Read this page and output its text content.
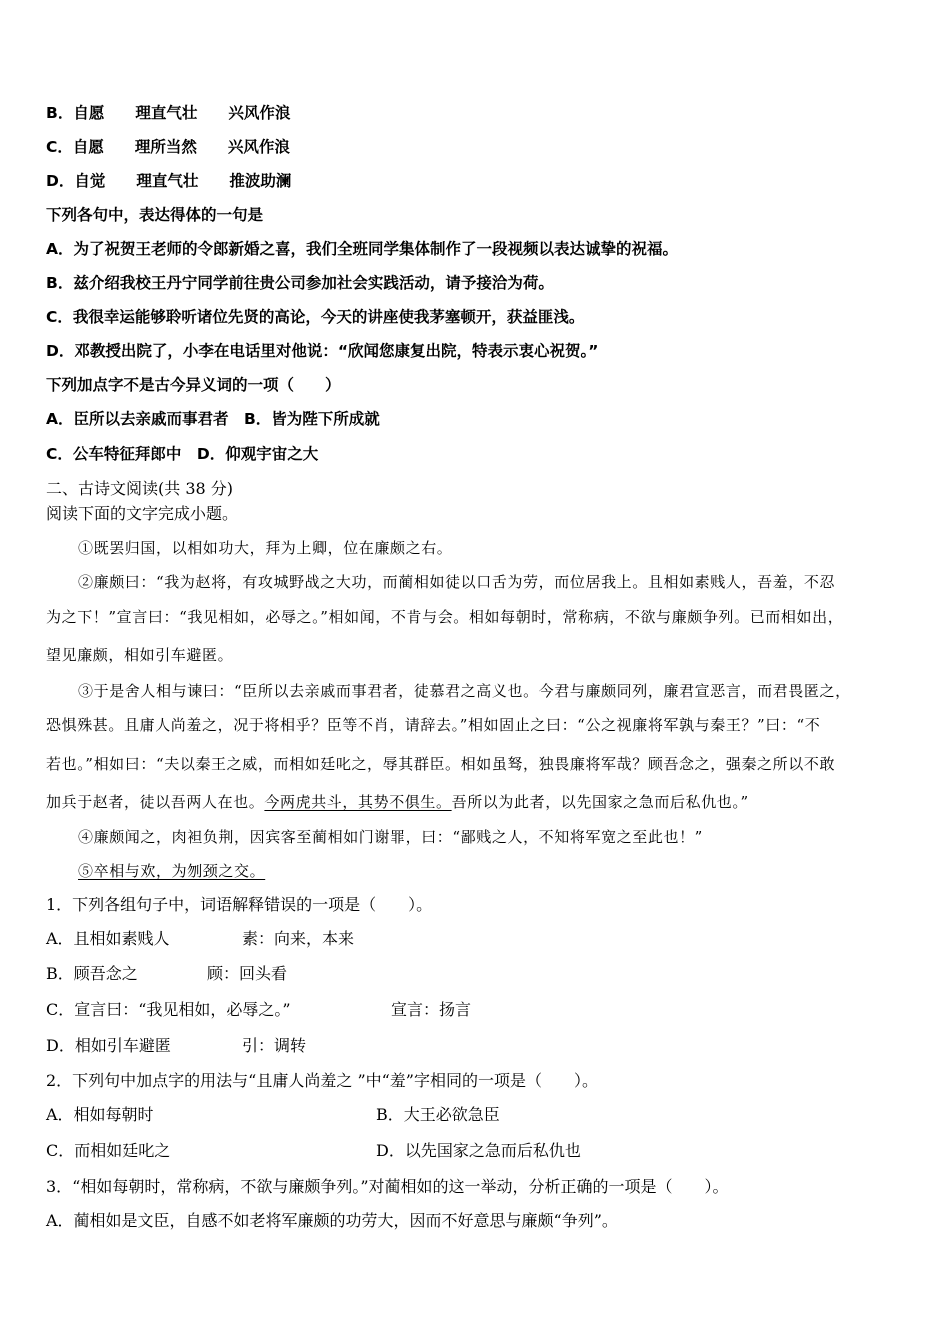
B．自愿　　理直气壮　　兴风作浪
C．自愿　　理所当然　　兴风作浪
D．自觉　　理直气壮　　推波助澜
下列各句中，表达得体的一句是
A．为了祝贺王老师的令郎新婚之喜，我们全班同学集体制作了一段视频以表达诚挚的祝福。
B．兹介绍我校王丹宁同学前往贵公司参加社会实践活动，请予接洽为荷。
C．我很幸运能够聆听诸位先贤的高论，今天的讲座使我茅塞顿开，获益匪浅。
D．邓教授出院了，小李在电话里对他说：“欣闻您康复出院，特表示衷心祝贺。”
下列加点字不是古今异义词的一项（　　）
A．臣所以去亲戚而事君者　B．皆为陛下所成就
C．公车特征拜郎中　D．仰观宇宙之大
二、古诗文阅读(共 38 分)
阅读下面的文字完成小题。
①既罢归国，以相如功大，拜为上卿，位在廉颇之右。
②廉颇曰：“我为赵将，有攻城野战之大功，而蔺相如徒以口舌为劳，而位居我上。且相如素贱人，吾羞，不忍
为之下！”宣言曰：“我见相如，必辱之。”相如闻，不肯与会。相如每朝时，常称病，不欲与廉颇争列。已而相如出，
望见廉颇，相如引车避匿。
③于是舍人相与谏曰：“臣所以去亲戚而事君者，徒慕君之高义也。今君与廉颇同列，廉君宣恶言，而君畏匿之，
恐惧殊甚。且庸人尚羞之，况于将相乎？臣等不肖，请辞去。”相如固止之曰：“公之视廉将军孰与秦王？”曰：“不
若也。”相如曰：“夫以秦王之威，而相如廷叱之，辱其群臣。相如虽驽，独畏廉将军哉？顾吾念之，强秦之所以不敢
加兵于赵者，徒以吾两人在也。今两虎共斗，其势不俱生。吾所以为此者，以先国家之急而后私仇也。”
④廉颇闻之，肉袒负荆，因宾客至蔺相如门谢罪，曰：“鄙贱之人，不知将军宽之至此也！”
⑤卒相与欢，为刎颈之交。
1．下列各组句子中，词语解释错误的一项是（　　）。
A．且相如素贱人	素：向来，本来
B．顾吾念之	顾：回头看
C．宣言曰：“我见相如，必辱之。”	宣言：扬言
D．相如引车避匿	引：调转
2．下列句中加点字的用法与“且庸人尚羞之 ”中“羞”字相同的一项是（　　）。
A．相如每朝时	B．大王必欲急臣
C．而相如廷叱之	D．以先国家之急而后私仇也
3．“相如每朝时，常称病，不欲与廉颇争列。”对蔺相如的这一举动，分析正确的一项是（　　）。
A．蔺相如是文臣，自感不如老将军廉颇的功劳大，因而不好意思与廉颇“争列”。
